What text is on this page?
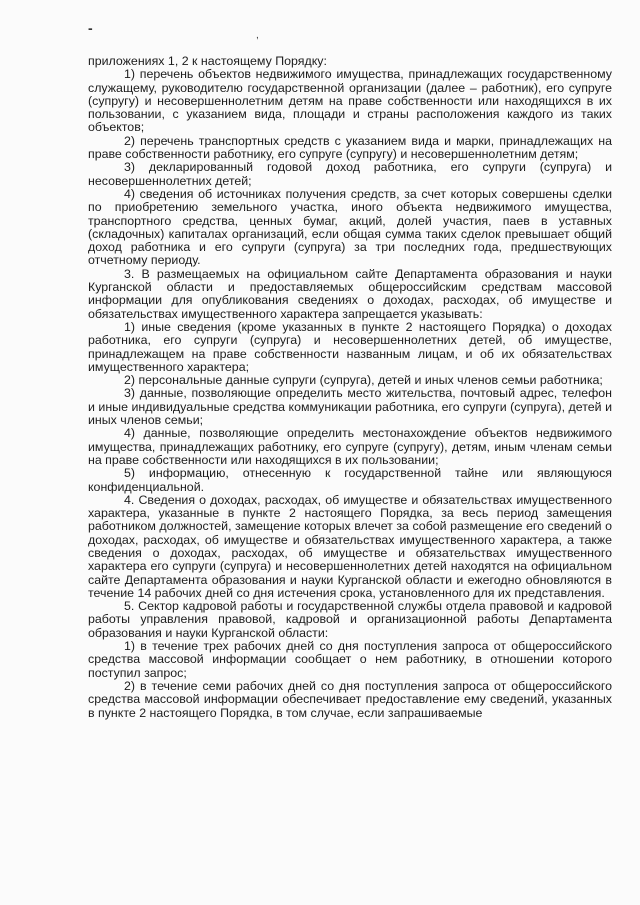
-	,

приложениях 1, 2 к настоящему Порядку:

1) перечень объектов недвижимого имущества, принадлежащих государственному служащему, руководителю государственной организации (далее – работник), его супруге (супругу) и несовершеннолетним детям на праве собственности или находящихся в их пользовании, с указанием вида, площади и страны расположения каждого из таких объектов;

2) перечень транспортных средств с указанием вида и марки, принадлежащих на праве собственности работнику, его супруге (супругу) и несовершеннолетним детям;

3) декларированный годовой доход работника, его супруги (супруга) и несовершеннолетних детей;

4) сведения об источниках получения средств, за счет которых совершены сделки по приобретению земельного участка, иного объекта недвижимого имущества, транспортного средства, ценных бумаг, акций, долей участия, паев в уставных (складочных) капиталах организаций, если общая сумма таких сделок превышает общий доход работника и его супруги (супруга) за три последних года, предшествующих отчетному периоду.

3. В размещаемых на официальном сайте Департамента образования и науки Курганской области и предоставляемых общероссийским средствам массовой информации для опубликования сведениях о доходах, расходах, об имуществе и обязательствах имущественного характера запрещается указывать:

1) иные сведения (кроме указанных в пункте 2 настоящего Порядка) о доходах работника, его супруги (супруга) и несовершеннолетних детей, об имуществе, принадлежащем на праве собственности названным лицам, и об их обязательствах имущественного характера;

2) персональные данные супруги (супруга), детей и иных членов семьи работника;

3) данные, позволяющие определить место жительства, почтовый адрес, телефон и иные индивидуальные средства коммуникации работника, его супруги (супруга), детей и иных членов семьи;

4) данные, позволяющие определить местонахождение объектов недвижимого имущества, принадлежащих работнику, его супруге (супругу), детям, иным членам семьи на праве собственности или находящихся в их пользовании;

5) информацию, отнесенную к государственной тайне или являющуюся конфиденциальной.

4. Сведения о доходах, расходах, об имуществе и обязательствах имущественного характера, указанные в пункте 2 настоящего Порядка, за весь период замещения работником должностей, замещение которых влечет за собой размещение его сведений о доходах, расходах, об имуществе и обязательствах имущественного характера, а также сведения о доходах, расходах, об имуществе и обязательствах имущественного характера его супруги (супруга) и несовершеннолетних детей находятся на официальном сайте Департамента образования и науки Курганской области и ежегодно обновляются в течение 14 рабочих дней со дня истечения срока, установленного для их представления.

5. Сектор кадровой работы и государственной службы отдела правовой и кадровой работы управления правовой, кадровой и организационной работы Департамента образования и науки Курганской области:

1) в течение трех рабочих дней со дня поступления запроса от общероссийского средства массовой информации сообщает о нем работнику, в отношении которого поступил запрос;

2) в течение семи рабочих дней со дня поступления запроса от общероссийского средства массовой информации обеспечивает предоставление ему сведений, указанных в пункте 2 настоящего Порядка, в том случае, если запрашиваемые
